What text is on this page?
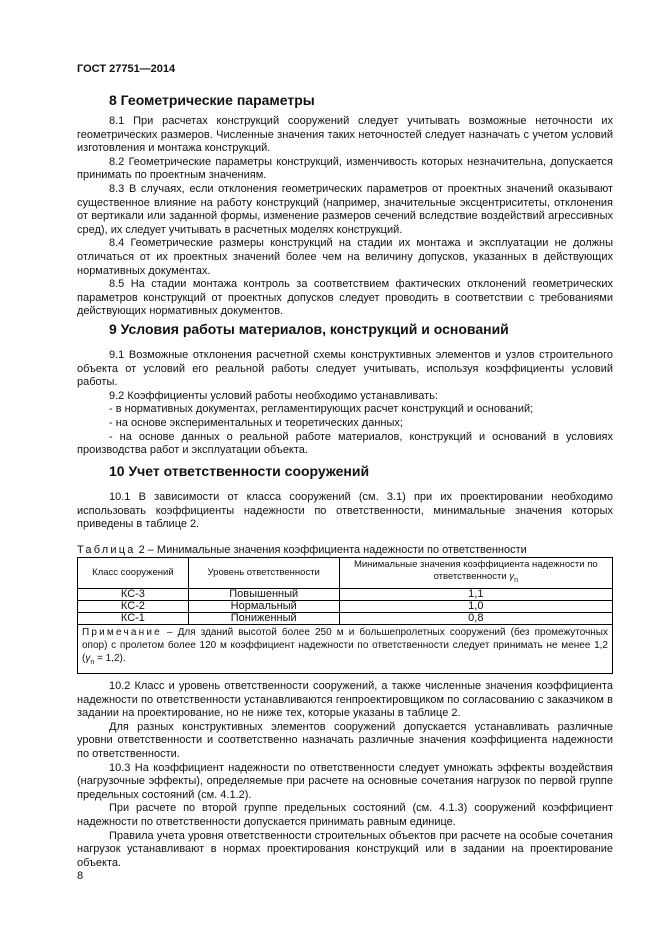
ГОСТ 27751—2014
8 Геометрические параметры

8.1 При расчетах конструкций сооружений следует учитывать возможные неточности их геометрических размеров. Численные значения таких неточностей следует назначать с учетом условий изготовления и монтажа конструкций.

8.2 Геометрические параметры конструкций, изменчивость которых незначительна, допускается принимать по проектным значениям.

8.3 В случаях, если отклонения геометрических параметров от проектных значений оказывают существенное влияние на работу конструкций (например, значительные эксцентриситеты, отклонения от вертикали или заданной формы, изменение размеров сечений вследствие воздействий агрессивных сред), их следует учитывать в расчетных моделях конструкций.

8.4 Геометрические размеры конструкций на стадии их монтажа и эксплуатации не должны отличаться от их проектных значений более чем на величину допусков, указанных в действующих нормативных документах.

8.5 На стадии монтажа контроль за соответствием фактических отклонений геометрических параметров конструкций от проектных допусков следует проводить в соответствии с требованиями действующих нормативных документов.

9 Условия работы материалов, конструкций и оснований

9.1 Возможные отклонения расчетной схемы конструктивных элементов и узлов строительного объекта от условий его реальной работы следует учитывать, используя коэффициенты условий работы.

9.2 Коэффициенты условий работы необходимо устанавливать:

- в нормативных документах, регламентирующих расчет конструкций и оснований;

- на основе экспериментальных и теоретических данных;

- на основе данных о реальной работе материалов, конструкций и оснований в условиях производства работ и эксплуатации объекта.

10 Учет ответственности сооружений

10.1 В зависимости от класса сооружений (см. 3.1) при их проектировании необходимо использовать коэффициенты надежности по ответственности, минимальные значения которых приведены в таблице 2.

Таблица 2 – Минимальные значения коэффициента надежности по ответственности
Класс сооружений	Уровень ответственности	Минимальные значения коэффициента надежности по ответственности $\gamma_n$
КС-3	Повышенный	1,1
КС-2	Нормальный	1,0
КС-1	Пониженный	0,8
Примечание – Для зданий высотой более 250 м и большепролетных сооружений (без промежуточных опор) с пролетом более 120 м коэффициент надежности по ответственности следует принимать не менее 1,2 $(\gamma_n = 1,2)$.		

10.2 Класс и уровень ответственности сооружений, а также численные значения коэффициента надежности по ответственности устанавливаются генпроектировщиком по согласованию с заказчиком в задании на проектирование, но не ниже тех, которые указаны в таблице 2.

Для разных конструктивных элементов сооружений допускается устанавливать различные уровни ответственности и соответственно назначать различные значения коэффициента надежности по ответственности.

10.3 На коэффициент надежности по ответственности следует умножать эффекты воздействия (нагрузочные эффекты), определяемые при расчете на основные сочетания нагрузок по первой группе предельных состояний (см. 4.1.2).

При расчете по второй группе предельных состояний (см. 4.1.3) сооружений коэффициент надежности по ответственности допускается принимать равным единице.

Правила учета уровня ответственности строительных объектов при расчете на особые сочетания нагрузок устанавливают в нормах проектирования конструкций или в задании на проектирование объекта.

8
